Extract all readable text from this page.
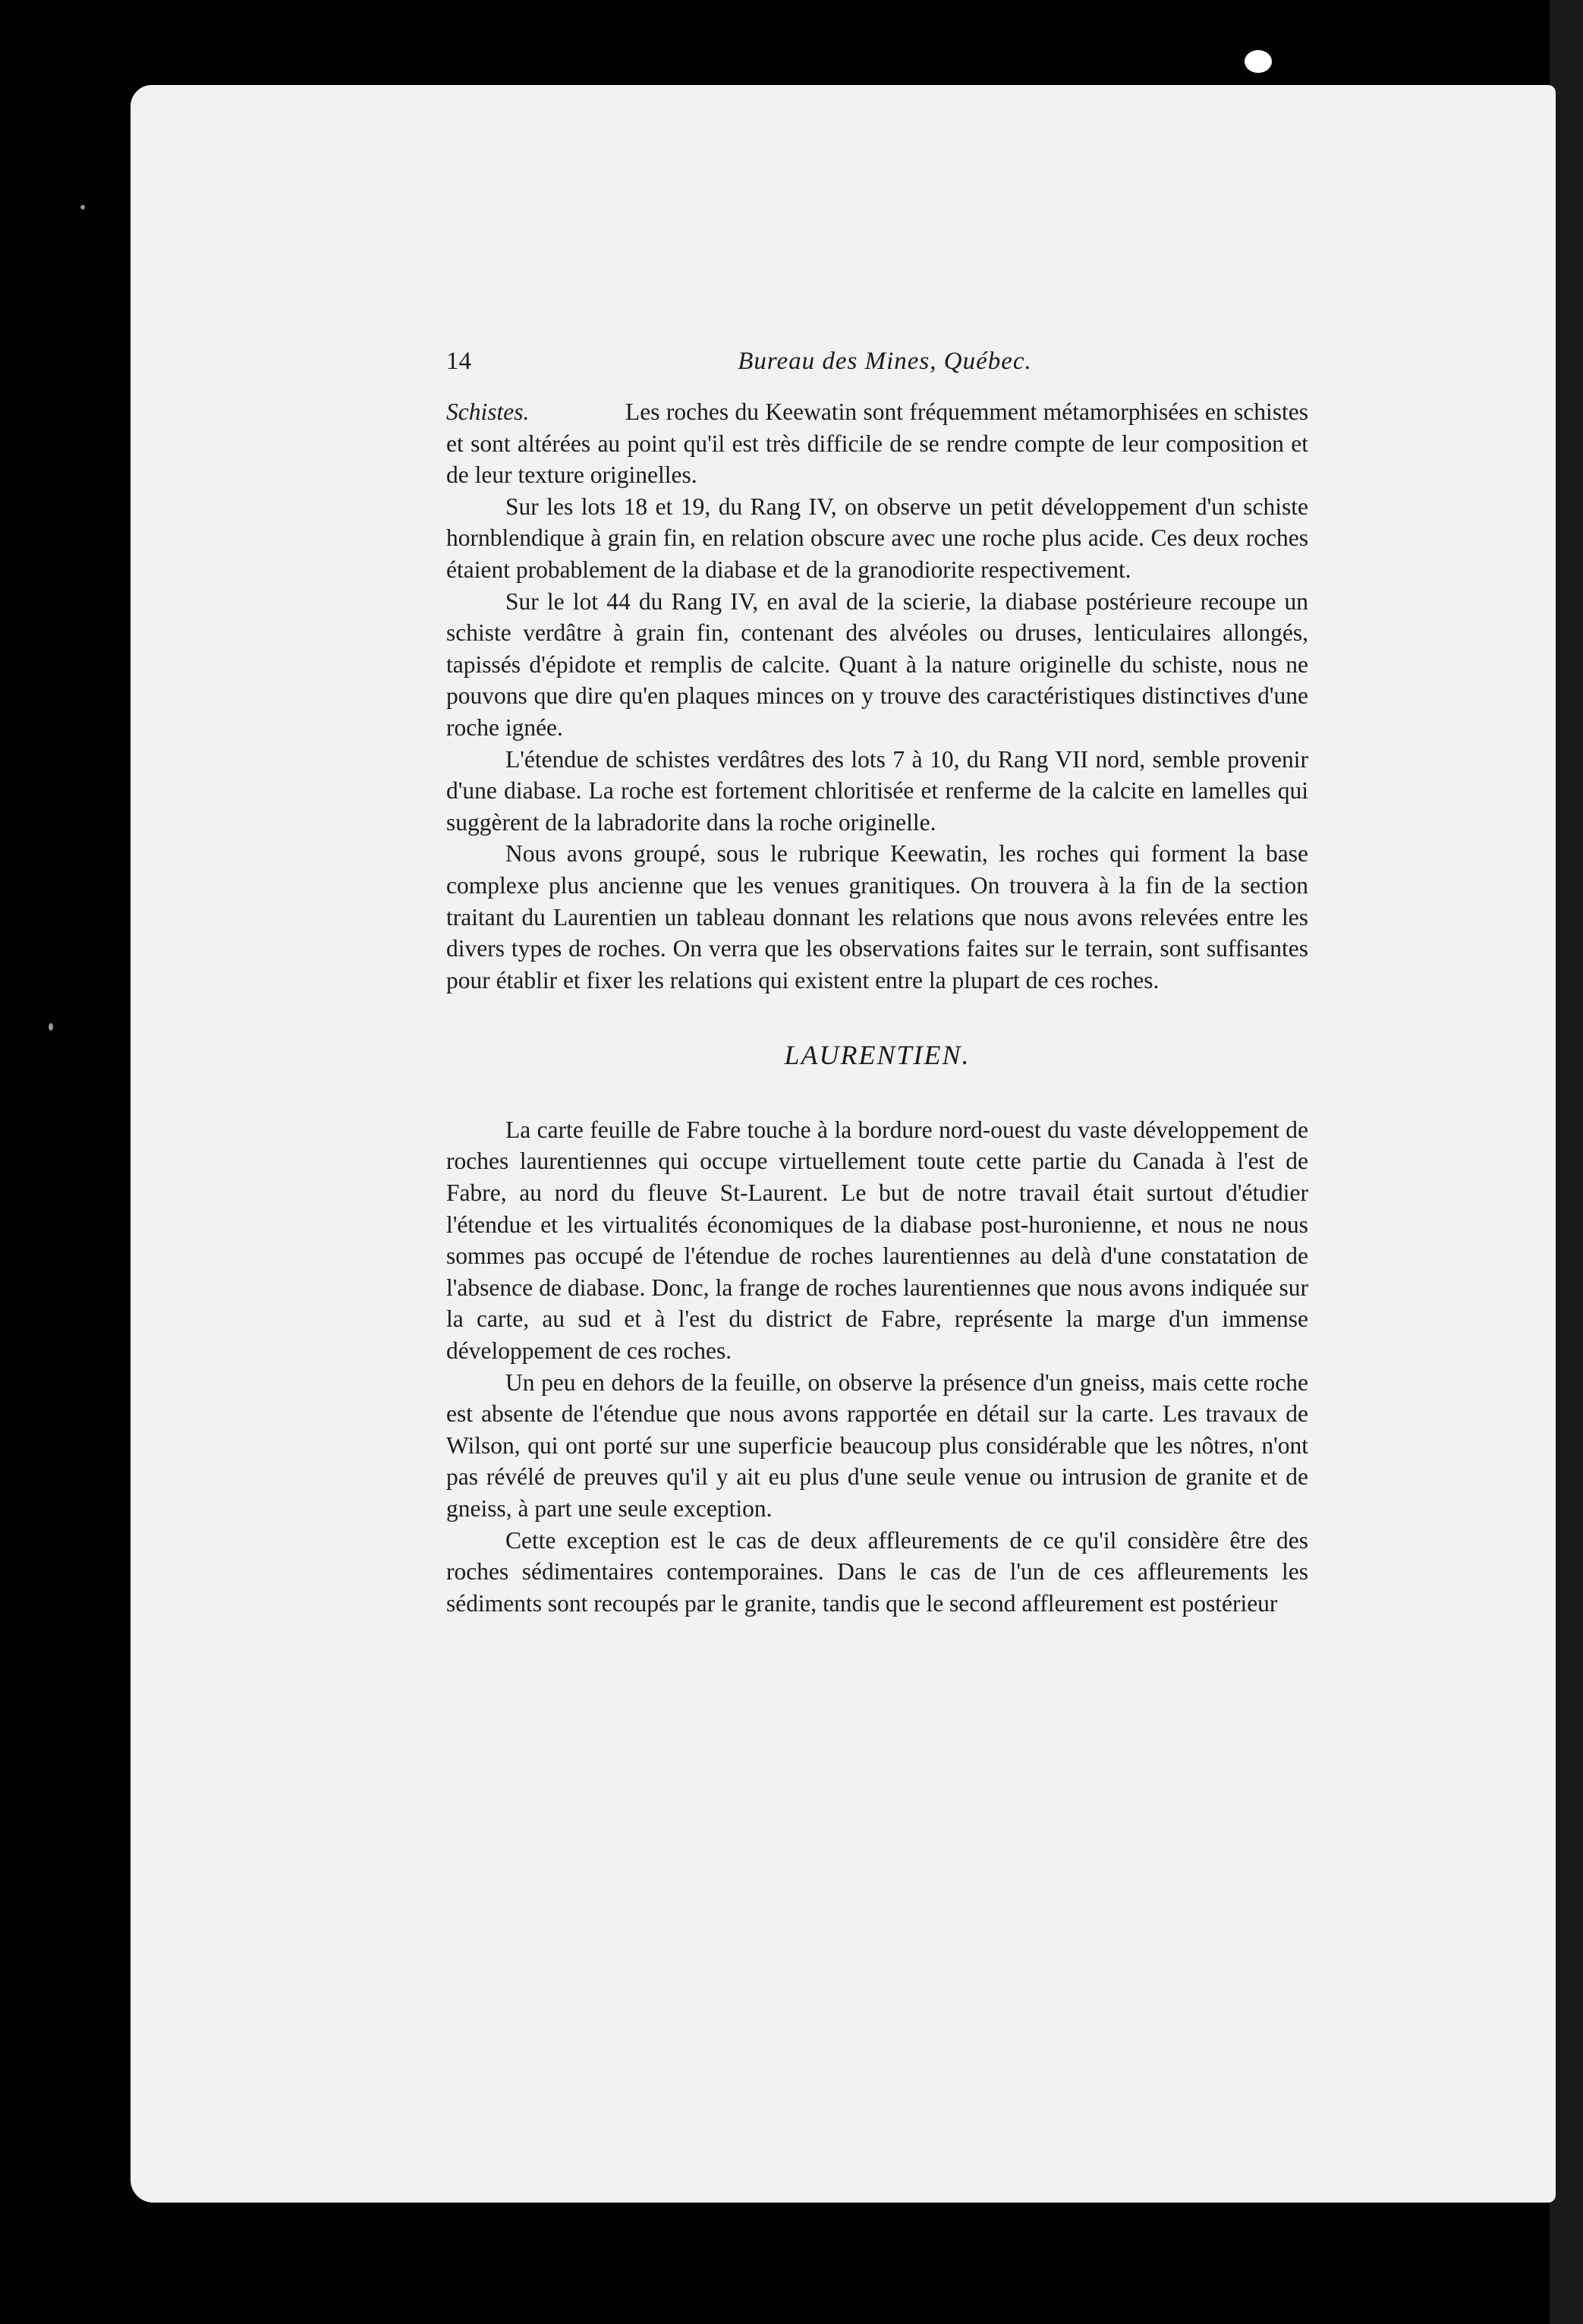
14	Bureau des Mines, Québec.

Schistes.	Les roches du Keewatin sont fréquemment métamorphisées en schistes et sont altérées au point qu'il est très difficile de se rendre compte de leur composition et de leur texture originelles.

Sur les lots 18 et 19, du Rang IV, on observe un petit développement d'un schiste hornblendique à grain fin, en relation obscure avec une roche plus acide. Ces deux roches étaient probablement de la diabase et de la granodiorite respectivement.

Sur le lot 44 du Rang IV, en aval de la scierie, la diabase postérieure recoupe un schiste verdâtre à grain fin, contenant des alvéoles ou druses, lenticulaires allongés, tapissés d'épidote et remplis de calcite. Quant à la nature originelle du schiste, nous ne pouvons que dire qu'en plaques minces on y trouve des caractéristiques distinctives d'une roche ignée.

L'étendue de schistes verdâtres des lots 7 à 10, du Rang VII nord, semble provenir d'une diabase. La roche est fortement chloritisée et renferme de la calcite en lamelles qui suggèrent de la labradorite dans la roche originelle.

Nous avons groupé, sous le rubrique Keewatin, les roches qui forment la base complexe plus ancienne que les venues granitiques. On trouvera à la fin de la section traitant du Laurentien un tableau donnant les relations que nous avons relevées entre les divers types de roches. On verra que les observations faites sur le terrain, sont suffisantes pour établir et fixer les relations qui existent entre la plupart de ces roches.

LAURENTIEN.

La carte feuille de Fabre touche à la bordure nord-ouest du vaste développement de roches laurentiennes qui occupe virtuellement toute cette partie du Canada à l'est de Fabre, au nord du fleuve St-Laurent. Le but de notre travail était surtout d'étudier l'étendue et les virtualités économiques de la diabase post-huronienne, et nous ne nous sommes pas occupé de l'étendue de roches laurentiennes au delà d'une constatation de l'absence de diabase. Donc, la frange de roches laurentiennes que nous avons indiquée sur la carte, au sud et à l'est du district de Fabre, représente la marge d'un immense développement de ces roches.

Un peu en dehors de la feuille, on observe la présence d'un gneiss, mais cette roche est absente de l'étendue que nous avons rapportée en détail sur la carte. Les travaux de Wilson, qui ont porté sur une superficie beaucoup plus considérable que les nôtres, n'ont pas révélé de preuves qu'il y ait eu plus d'une seule venue ou intrusion de granite et de gneiss, à part une seule exception.

Cette exception est le cas de deux affleurements de ce qu'il considère être des roches sédimentaires contemporaines. Dans le cas de l'un de ces affleurements les sédiments sont recoupés par le granite, tandis que le second affleurement est postérieur
